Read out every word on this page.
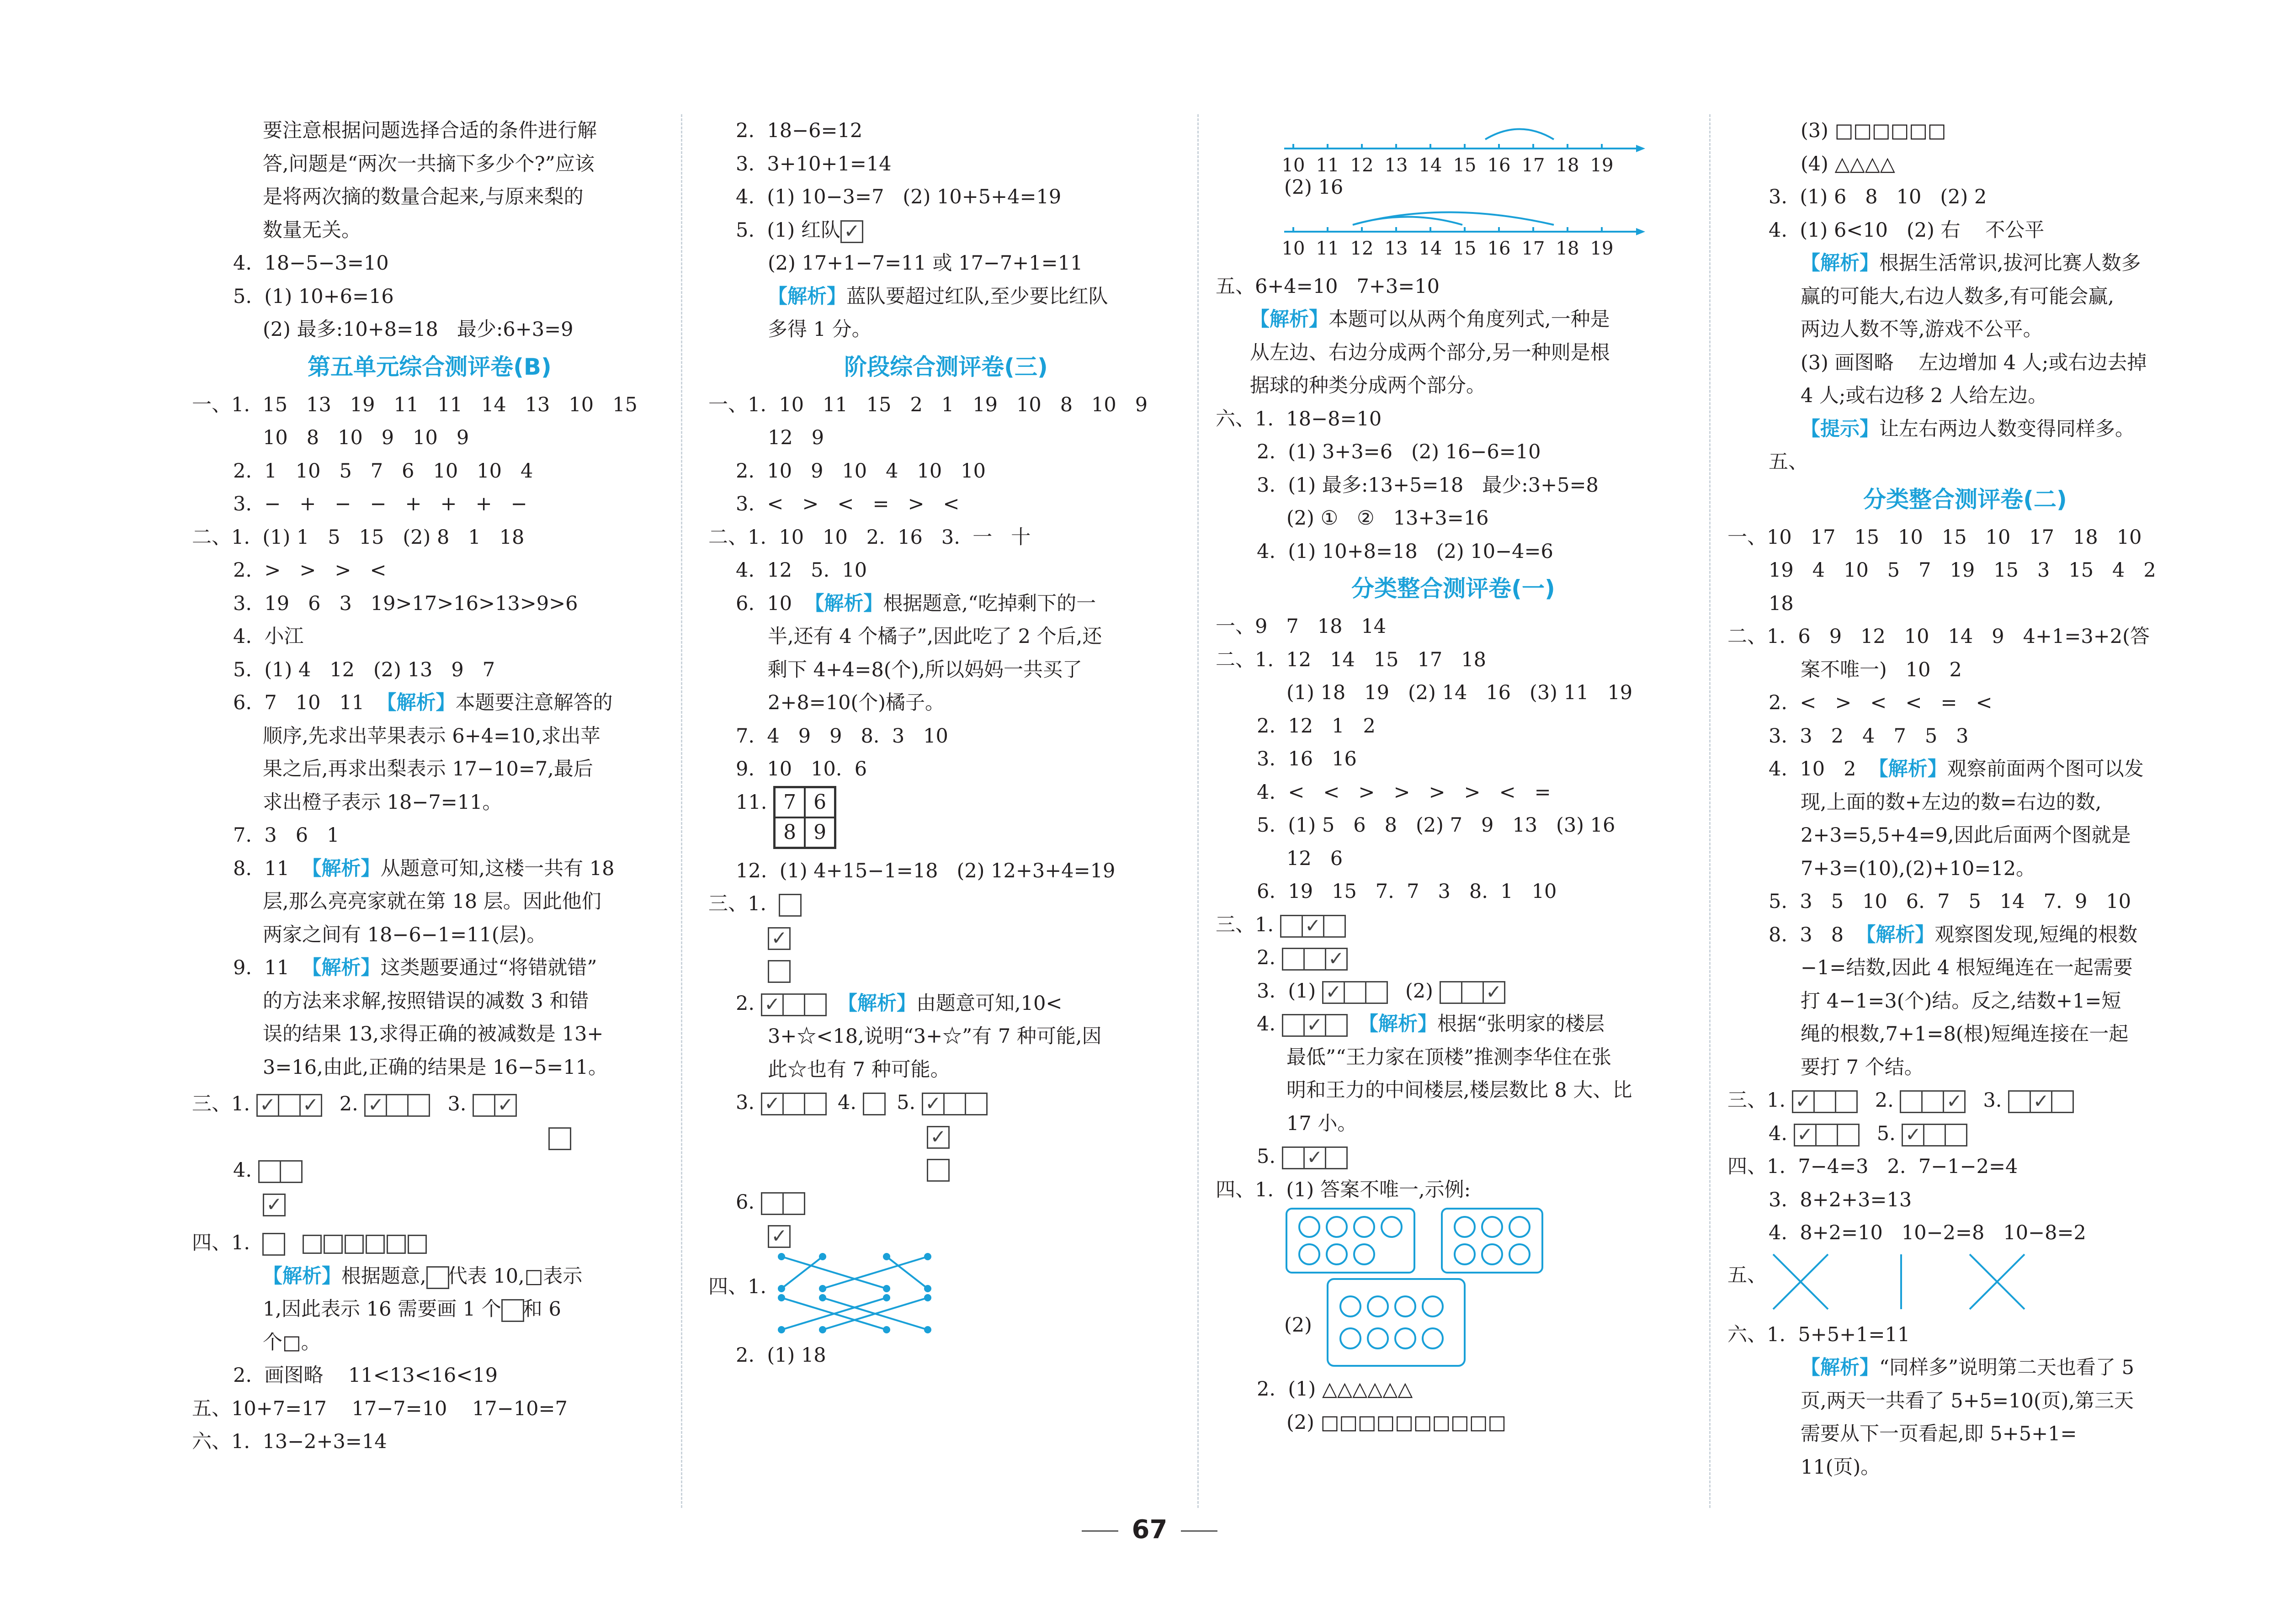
要注意根据问题选择合适的条件进行解

答,问题是“两次一共摘下多少个?”应该

是将两次摘的数量合起来,与原来梨的

数量无关。

4.  18−5−3=10

5.  (1) 10+6=16

(2) 最多:10+8=18   最少:6+3=9

第五单元综合测评卷(B)

一、1.  15   13   19   11   11   14   13   10   15

10   8   10   9   10   9

2.  1   10   5   7   6   10   10   4

3.  −   +   −   −   +   +   +   −

二、1.  (1) 1   5   15   (2) 8   1   18

2.  >   >   >   <

3.  19   6   3   19>17>16>13>9>6

4.  小江

5.  (1) 4   12   (2) 13   9   7

6.  7   10   11 【解析】本题要注意解答的

顺序,先求出苹果表示 6+4=10,求出苹

果之后,再求出梨表示 17−10=7,最后

求出橙子表示 18−7=11。

7.  3   6   1

8.  11 【解析】从题意可知,这楼一共有 18

层,那么亮亮家就在第 18 层。因此他们

两家之间有 18−6−1=11(层)。

9.  11 【解析】这类题要通过“将错就错”

的方法来求解,按照错误的减数 3 和错

误的结果 13,求得正确的被减数是 13+

3=16,由此,正确的结果是 16−5=11。

三、1. ✓ ✓ 2. ✓	3. ✓

4.

✓

四、1.

【解析】根据题意, 代表 10,□表示

1,因此表示 16 需要画 1 个 和 6

个□。

2.  画图略    11<13<16<19

五、10+7=17    17−7=10    17−10=7

六、1.  13−2+3=14

2.  18−6=12

3.  3+10+1=14

4.  (1) 10−3=7   (2) 10+5+4=19

5.  (1) 红队 ✓

(2) 17+1−7=11 或 17−7+1=11

【解析】蓝队要超过红队,至少要比红队

多得 1 分。

阶段综合测评卷(三)

一、1.  10   11   15   2   1   19   10   8   10   9

12   9

2.  10   9   10   4   10   10

3.  <   >   <   =   >   <

二、1.  10   10   2.  16   3.  一   十

4.  12   5.  10

6.  10 【解析】根据题意,“吃掉剩下的一

半,还有 4 个橘子”,因此吃了 2 个后,还

剩下 4+4=8(个),所以妈妈一共买了

2+8=10(个)橘子。

7.  4   9   9   8.  3   10

9.  10   10.  6

11. 7 6
8 9

12.  (1) 4+15−1=18   (2) 12+3+4=19

三、1.

✓

2. ✓	【解析】由题意可知,10<

3+☆<18,说明“3+☆”有 7 种可能,因

此☆也有 7 种可能。

3. ✓	4. 5. ✓

✓

6.

✓

四、1.

2.  (1) 18

10 11 12 13 14 15 16 17 18 19

(2) 16

10 11 12 13 14 15 16 17 18 19

五、6+4=10   7+3=10

【解析】本题可以从两个角度列式,一种是

从左边、右边分成两个部分,另一种则是根

据球的种类分成两个部分。

六、1.  18−8=10

2.  (1) 3+3=6   (2) 16−6=10

3.  (1) 最多:13+5=18   最少:3+5=8

(2) ①   ②   13+3=16

4.  (1) 10+8=18   (2) 10−4=6

分类整合测评卷(一)

一、9   7   18   14

二、1.  12   14   15   17   18

(1) 18   19   (2) 14   16   (3) 11   19

2.  12   1   2

3.  16   16

4.  <   <   >   >   >   >   <   =

5.  (1) 5   6   8   (2) 7   9   13   (3) 16

12   6

6.  19   15   7.  7   3   8.  1   10

三、1. ✓

2.	✓

3.  (1) ✓	(2)	✓

4. ✓ 【解析】根据“张明家的楼层

最低”“王力家在顶楼”推测李华住在张

明和王力的中间楼层,楼层数比 8 大、比

17 小。

5. ✓

四、1.  (1) 答案不唯一,示例:

(2)

2.  (1) △△△△△△

(2) □□□□□□□□□□

(3) □□□□□□

(4) △△△△

3.  (1) 6   8   10   (2) 2

4.  (1) 6<10   (2) 右    不公平

【解析】根据生活常识,拔河比赛人数多

赢的可能大,右边人数多,有可能会赢,

两边人数不等,游戏不公平。

(3) 画图略    左边增加 4 人;或右边去掉

4 人;或右边移 2 人给左边。

【提示】让左右两边人数变得同样多。

五、

分类整合测评卷(二)

一、10   17   15   10   15   10   17   18   10

19   4   10   5   7   19   15   3   15   4   2

18

二、1.  6   9   12   10   14   9   4+1=3+2(答

案不唯一)   10   2

2.  <   >   <   <   =   <

3.  3   2   4   7   5   3

4.  10   2 【解析】观察前面两个图可以发

现,上面的数+左边的数=右边的数,

2+3=5,5+4=9,因此后面两个图就是

7+3=(10),(2)+10=12。

5.  3   5   10   6.  7   5   14   7.  9   10

8.  3   8 【解析】观察图发现,短绳的根数

−1=结数,因此 4 根短绳连在一起需要

打 4−1=3(个)结。反之,结数+1=短

绳的根数,7+1=8(根)短绳连接在一起

要打 7 个结。

三、1. ✓	2.	✓ 3. ✓

4. ✓	5. ✓

四、1.  7−4=3   2.  7−1−2=4

3.  8+2+3=13

4.  8+2=10   10−2=8   10−8=2

五、

六、1.  5+5+1=11

【解析】“同样多”说明第二天也看了 5

页,两天一共看了 5+5=10(页),第三天

需要从下一页看起,即 5+5+1=

11(页)。

67
